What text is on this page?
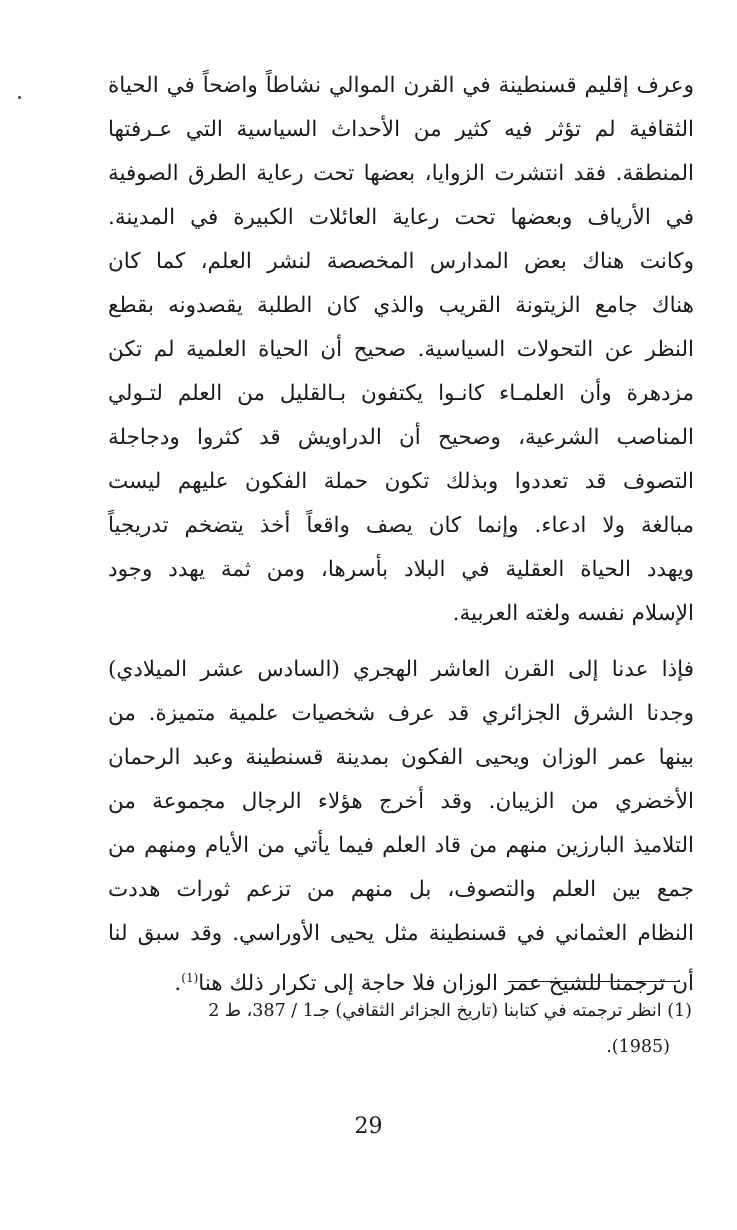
وعرف إقليم قسنطينة في القرن الموالي نشاطاً واضحاً في الحياة
الثقافية لم تؤثر فيه كثير من الأحداث السياسية التي عـرفتها
المنطقة. فقد انتشرت الزوايا، بعضها تحت رعاية الطرق الصوفية
في الأرياف وبعضها تحت رعاية العائلات الكبيرة في المدينة.
وكانت هناك بعض المدارس المخصصة لنشر العلم، كما كان
هناك جامع الزيتونة القريب والذي كان الطلبة يقصدونه بقطع
النظر عن التحولات السياسية. صحيح أن الحياة العلمية لم تكن
مزدهرة وأن العلمـاء كانـوا يكتفون بـالقليل من العلم لتـولي
المناصب الشرعية، وصحيح أن الدراويش قد كثروا ودجاجلة
التصوف قد تعددوا وبذلك تكون حملة الفكون عليهم ليست
مبالغة ولا ادعاء. وإنما كان يصف واقعاً أخذ يتضخم تدريجياً
ويهدد الحياة العقلية في البلاد بأسرها، ومن ثمة يهدد وجود
الإسلام نفسه ولغته العربية.
فإذا عدنا إلى القرن العاشر الهجري (السادس عشر الميلادي)
وجدنا الشرق الجزائري قد عرف شخصيات علمية متميزة. من
بينها عمر الوزان ويحيى الفكون بمدينة قسنطينة وعبد الرحمان
الأخضري من الزيبان. وقد أخرج هؤلاء الرجال مجموعة من
التلاميذ البارزين منهم من قاد العلم فيما يأتي من الأيام ومنهم من
جمع بين العلم والتصوف، بل منهم من تزعم ثورات هددت
النظام العثماني في قسنطينة مثل يحيى الأوراسي. وقد سبق لنا
أن ترجمنا للشيخ عمر الوزان فلا حاجة إلى تكرار ذلك هنا$^{(1)}$.
(1) انظر ترجمته في كتابنا (تاريخ الجزائر الثقافي) جـ1 / 387، ط 2
(1985).
29
